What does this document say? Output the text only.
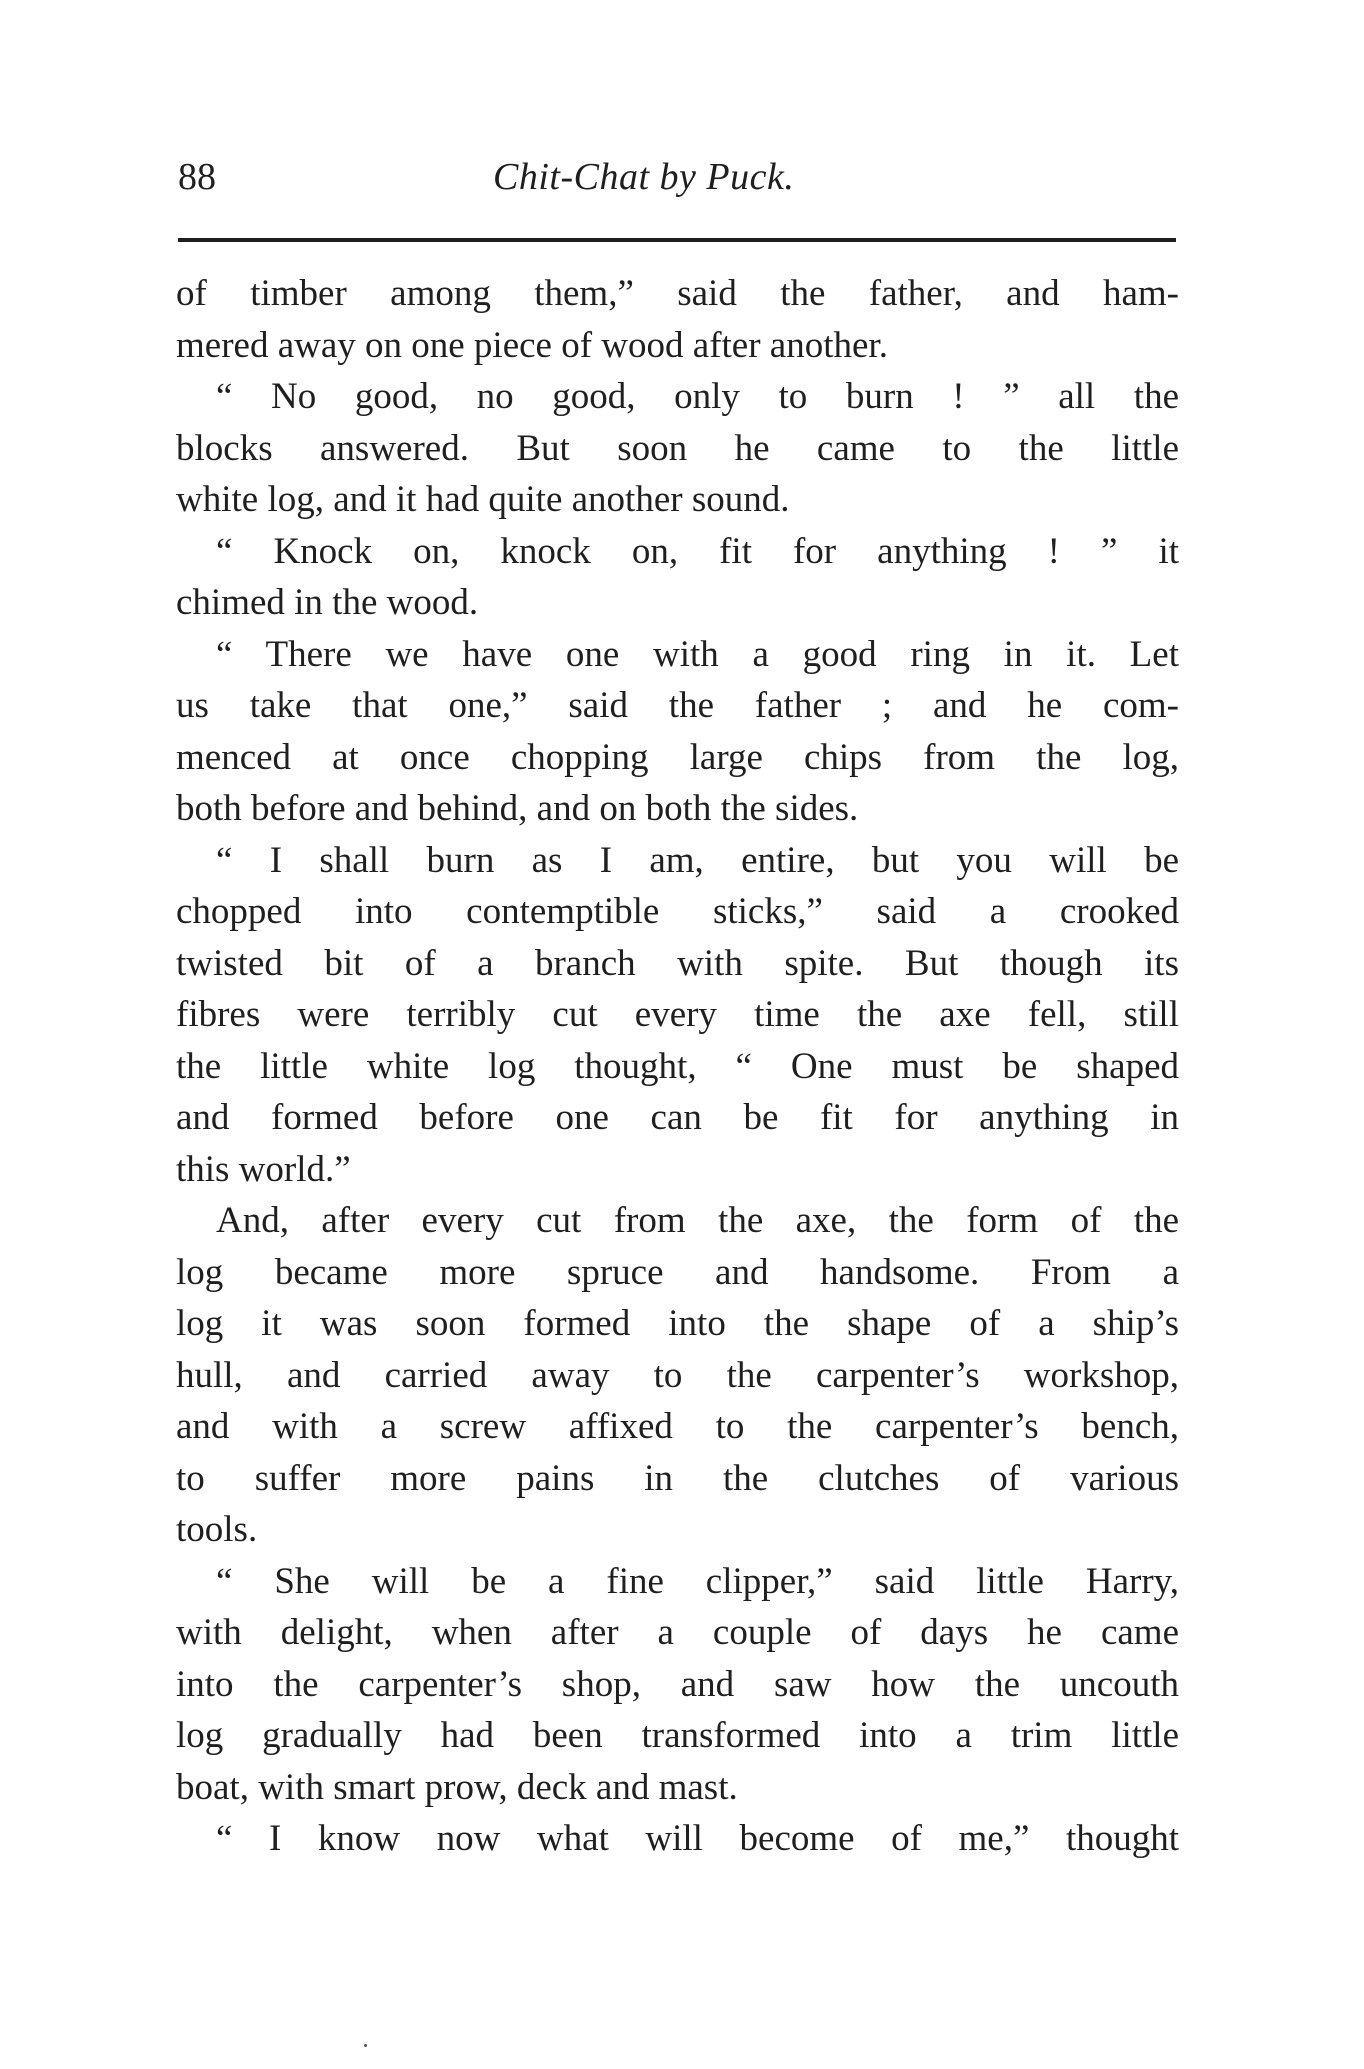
88	Chit-Chat by Puck.
of timber among them,” said the father, and ham-
mered away on one piece of wood after another.
“ No good, no good, only to burn ! ” all the
blocks answered. But soon he came to the little
white log, and it had quite another sound.
“ Knock on, knock on, fit for anything ! ” it
chimed in the wood.
“ There we have one with a good ring in it. Let
us take that one,” said the father ; and he com-
menced at once chopping large chips from the log,
both before and behind, and on both the sides.
“ I shall burn as I am, entire, but you will be
chopped into contemptible sticks,” said a crooked
twisted bit of a branch with spite. But though its
fibres were terribly cut every time the axe fell, still
the little white log thought, “ One must be shaped
and formed before one can be fit for anything in
this world.”
And, after every cut from the axe, the form of the
log became more spruce and handsome. From a
log it was soon formed into the shape of a ship’s
hull, and carried away to the carpenter’s workshop,
and with a screw affixed to the carpenter’s bench,
to suffer more pains in the clutches of various
tools.
“ She will be a fine clipper,” said little Harry,
with delight, when after a couple of days he came
into the carpenter’s shop, and saw how the uncouth
log gradually had been transformed into a trim little
boat, with smart prow, deck and mast.
“ I know now what will become of me,” thought
